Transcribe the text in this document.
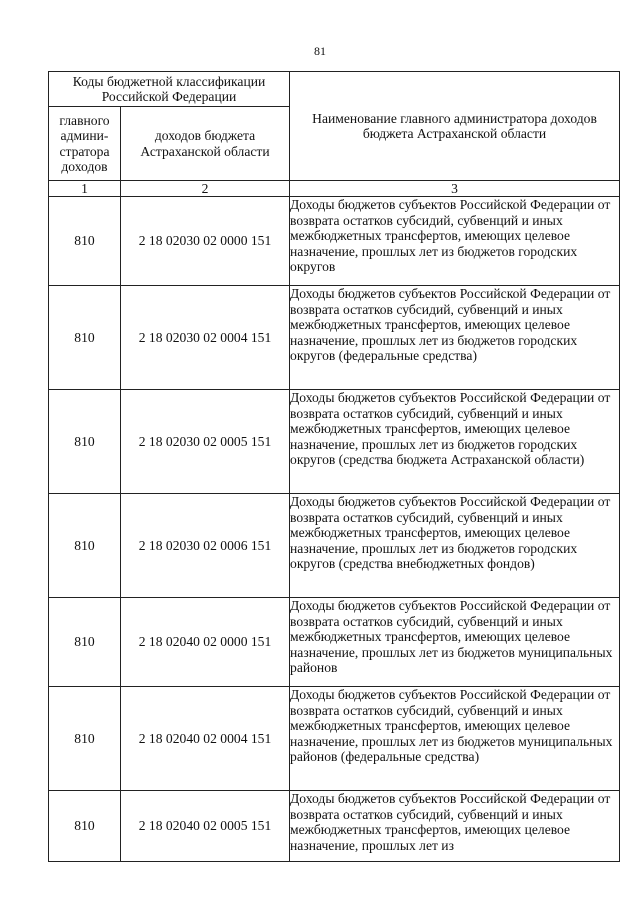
81
Коды бюджетной классификации Российской Федерации		Наименование главного администратора доходов бюджета Астраханской области
главного админи-стратора доходов	доходов бюджета Астраханской области	
1	2	3
810	2 18 02030 02 0000 151	Доходы бюджетов субъектов Российской Федерации от возврата остатков субсидий, субвенций и иных межбюджетных трансфертов, имеющих целевое назначение, прошлых лет из бюджетов городских округов
810	2 18 02030 02 0004 151	Доходы бюджетов субъектов Российской Федерации от возврата остатков субсидий, субвенций и иных межбюджетных трансфертов, имеющих целевое назначение, прошлых лет из бюджетов городских округов (федеральные средства)
810	2 18 02030 02 0005 151	Доходы бюджетов субъектов Российской Федерации от возврата остатков субсидий, субвенций и иных межбюджетных трансфертов, имеющих целевое назначение, прошлых лет из бюджетов городских округов (средства бюджета Астраханской области)
810	2 18 02030 02 0006 151	Доходы бюджетов субъектов Российской Федерации от возврата остатков субсидий, субвенций и иных межбюджетных трансфертов, имеющих целевое назначение, прошлых лет из бюджетов городских округов (средства внебюджетных фондов)
810	2 18 02040 02 0000 151	Доходы бюджетов субъектов Российской Федерации от возврата остатков субсидий, субвенций и иных межбюджетных трансфертов, имеющих целевое назначение, прошлых лет из бюджетов муниципальных районов
810	2 18 02040 02 0004 151	Доходы бюджетов субъектов Российской Федерации от возврата остатков субсидий, субвенций и иных межбюджетных трансфертов, имеющих целевое назначение, прошлых лет из бюджетов муниципальных районов (федеральные средства)
810	2 18 02040 02 0005 151	Доходы бюджетов субъектов Российской Федерации от возврата остатков субсидий, субвенций и иных межбюджетных трансфертов, имеющих целевое назначение, прошлых лет из
